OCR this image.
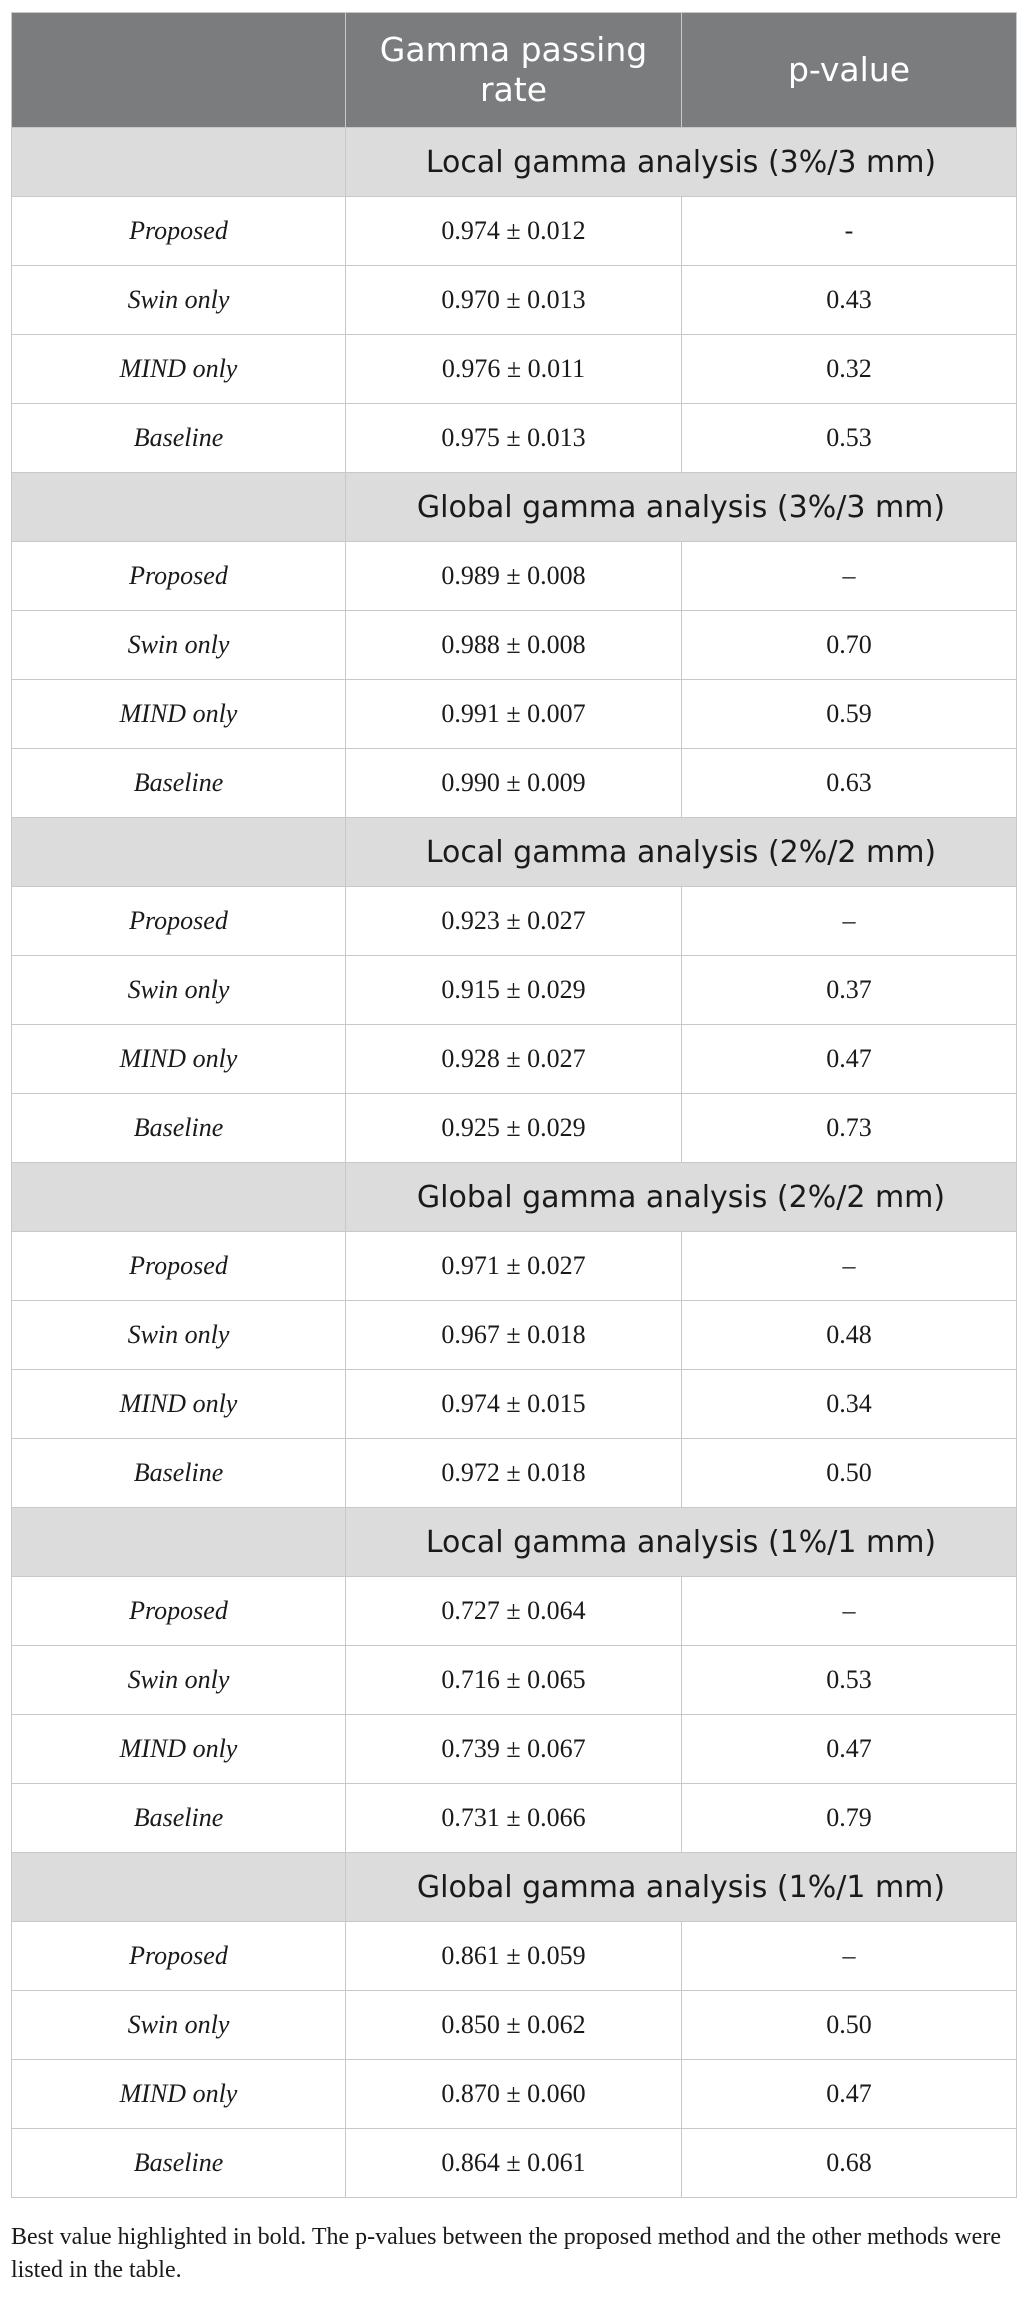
	Gamma passing rate	p-value
	Local gamma analysis (3%/3 mm)	
Proposed	0.974 ± 0.012	-
Swin only	0.970 ± 0.013	0.43
MIND only	0.976 ± 0.011	0.32
Baseline	0.975 ± 0.013	0.53
	Global gamma analysis (3%/3 mm)	
Proposed	0.989 ± 0.008	–
Swin only	0.988 ± 0.008	0.70
MIND only	0.991 ± 0.007	0.59
Baseline	0.990 ± 0.009	0.63
	Local gamma analysis (2%/2 mm)	
Proposed	0.923 ± 0.027	–
Swin only	0.915 ± 0.029	0.37
MIND only	0.928 ± 0.027	0.47
Baseline	0.925 ± 0.029	0.73
	Global gamma analysis (2%/2 mm)	
Proposed	0.971 ± 0.027	–
Swin only	0.967 ± 0.018	0.48
MIND only	0.974 ± 0.015	0.34
Baseline	0.972 ± 0.018	0.50
	Local gamma analysis (1%/1 mm)	
Proposed	0.727 ± 0.064	–
Swin only	0.716 ± 0.065	0.53
MIND only	0.739 ± 0.067	0.47
Baseline	0.731 ± 0.066	0.79
	Global gamma analysis (1%/1 mm)	
Proposed	0.861 ± 0.059	–
Swin only	0.850 ± 0.062	0.50
MIND only	0.870 ± 0.060	0.47
Baseline	0.864 ± 0.061	0.68
Best value highlighted in bold. The p-values between the proposed method and the other methods were listed in the table.
